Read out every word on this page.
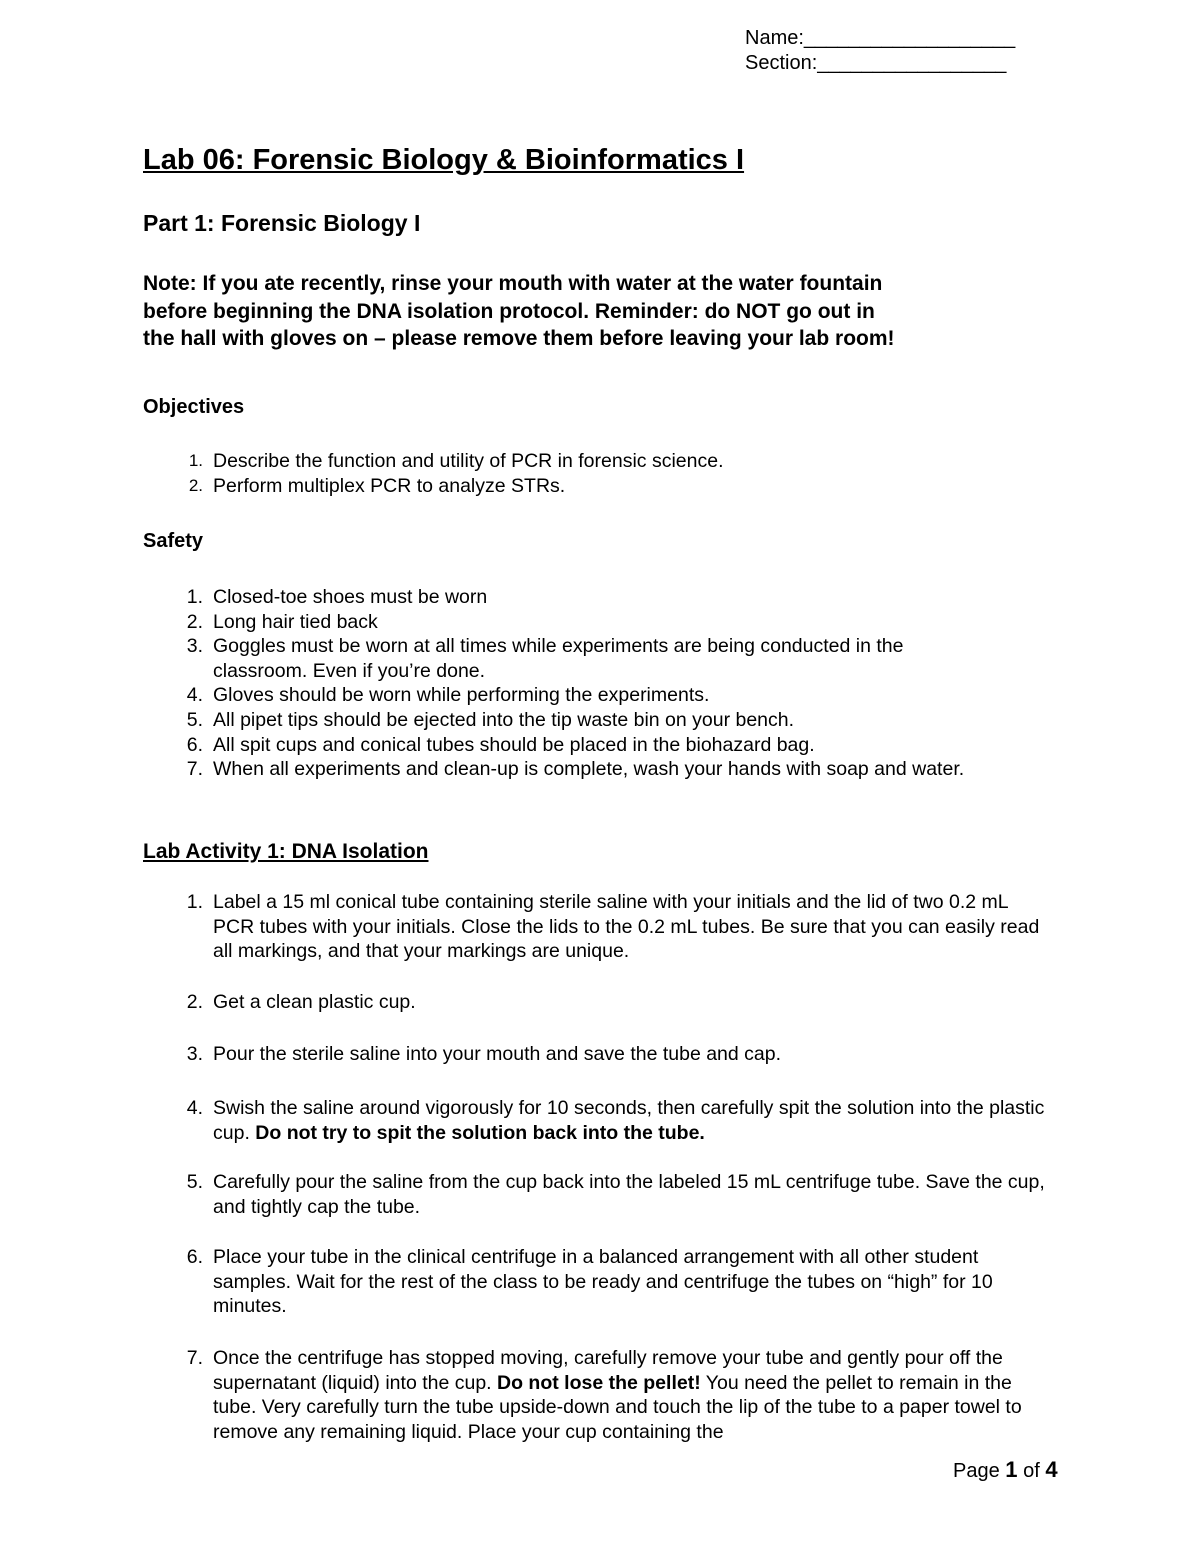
Name:___________________
Section:_________________
Lab 06: Forensic Biology & Bioinformatics I
Part 1: Forensic Biology I
Note: If you ate recently, rinse your mouth with water at the water fountain
before beginning the DNA isolation protocol. Reminder: do NOT go out in
the hall with gloves on – please remove them before leaving your lab room!
Objectives
1. Describe the function and utility of PCR in forensic science.
2. Perform multiplex PCR to analyze STRs.
Safety
1. Closed-toe shoes must be worn
2. Long hair tied back
3. Goggles must be worn at all times while experiments are being conducted in the classroom. Even if you’re done.
4. Gloves should be worn while performing the experiments.
5. All pipet tips should be ejected into the tip waste bin on your bench.
6. All spit cups and conical tubes should be placed in the biohazard bag.
7. When all experiments and clean-up is complete, wash your hands with soap and water.
Lab Activity 1: DNA Isolation
1. Label a 15 ml conical tube containing sterile saline with your initials and the lid of two 0.2 mL PCR tubes with your initials. Close the lids to the 0.2 mL tubes. Be sure that you can easily read all markings, and that your markings are unique.
2. Get a clean plastic cup.
3. Pour the sterile saline into your mouth and save the tube and cap.
4. Swish the saline around vigorously for 10 seconds, then carefully spit the solution into the plastic cup. Do not try to spit the solution back into the tube.
5. Carefully pour the saline from the cup back into the labeled 15 mL centrifuge tube. Save the cup, and tightly cap the tube.
6. Place your tube in the clinical centrifuge in a balanced arrangement with all other student samples. Wait for the rest of the class to be ready and centrifuge the tubes on “high” for 10 minutes.
7. Once the centrifuge has stopped moving, carefully remove your tube and gently pour off the supernatant (liquid) into the cup. Do not lose the pellet! You need the pellet to remain in the tube. Very carefully turn the tube upside-down and touch the lip of the tube to a paper towel to remove any remaining liquid. Place your cup containing the
Page 1 of 4
